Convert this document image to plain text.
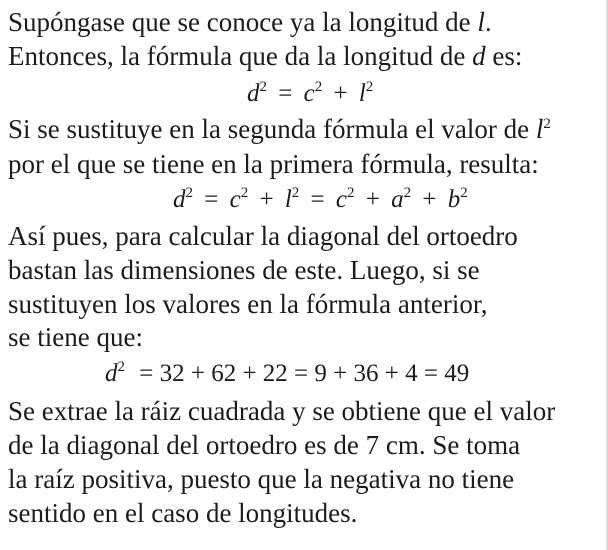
Supóngase que se conoce ya la longitud de l.
Entonces, la fórmula que da la longitud de d es:
$d^2 = c^2 + l^2$
Si se sustituye en la segunda fórmula el valor de $l^2$
por el que se tiene en la primera fórmula, resulta:
$d^2 = c^2 + l^2 = c^2 + a^2 + b^2$
Así pues, para calcular la diagonal del ortoedro
bastan las dimensiones de este. Luego, si se
sustituyen los valores en la fórmula anterior,
se tiene que:
$d^2 = 32 + 62 + 22 = 9 + 36 + 4 = 49$
Se extrae la ráiz cuadrada y se obtiene que el valor
de la diagonal del ortoedro es de 7 cm. Se toma
la raíz positiva, puesto que la negativa no tiene
sentido en el caso de longitudes.
